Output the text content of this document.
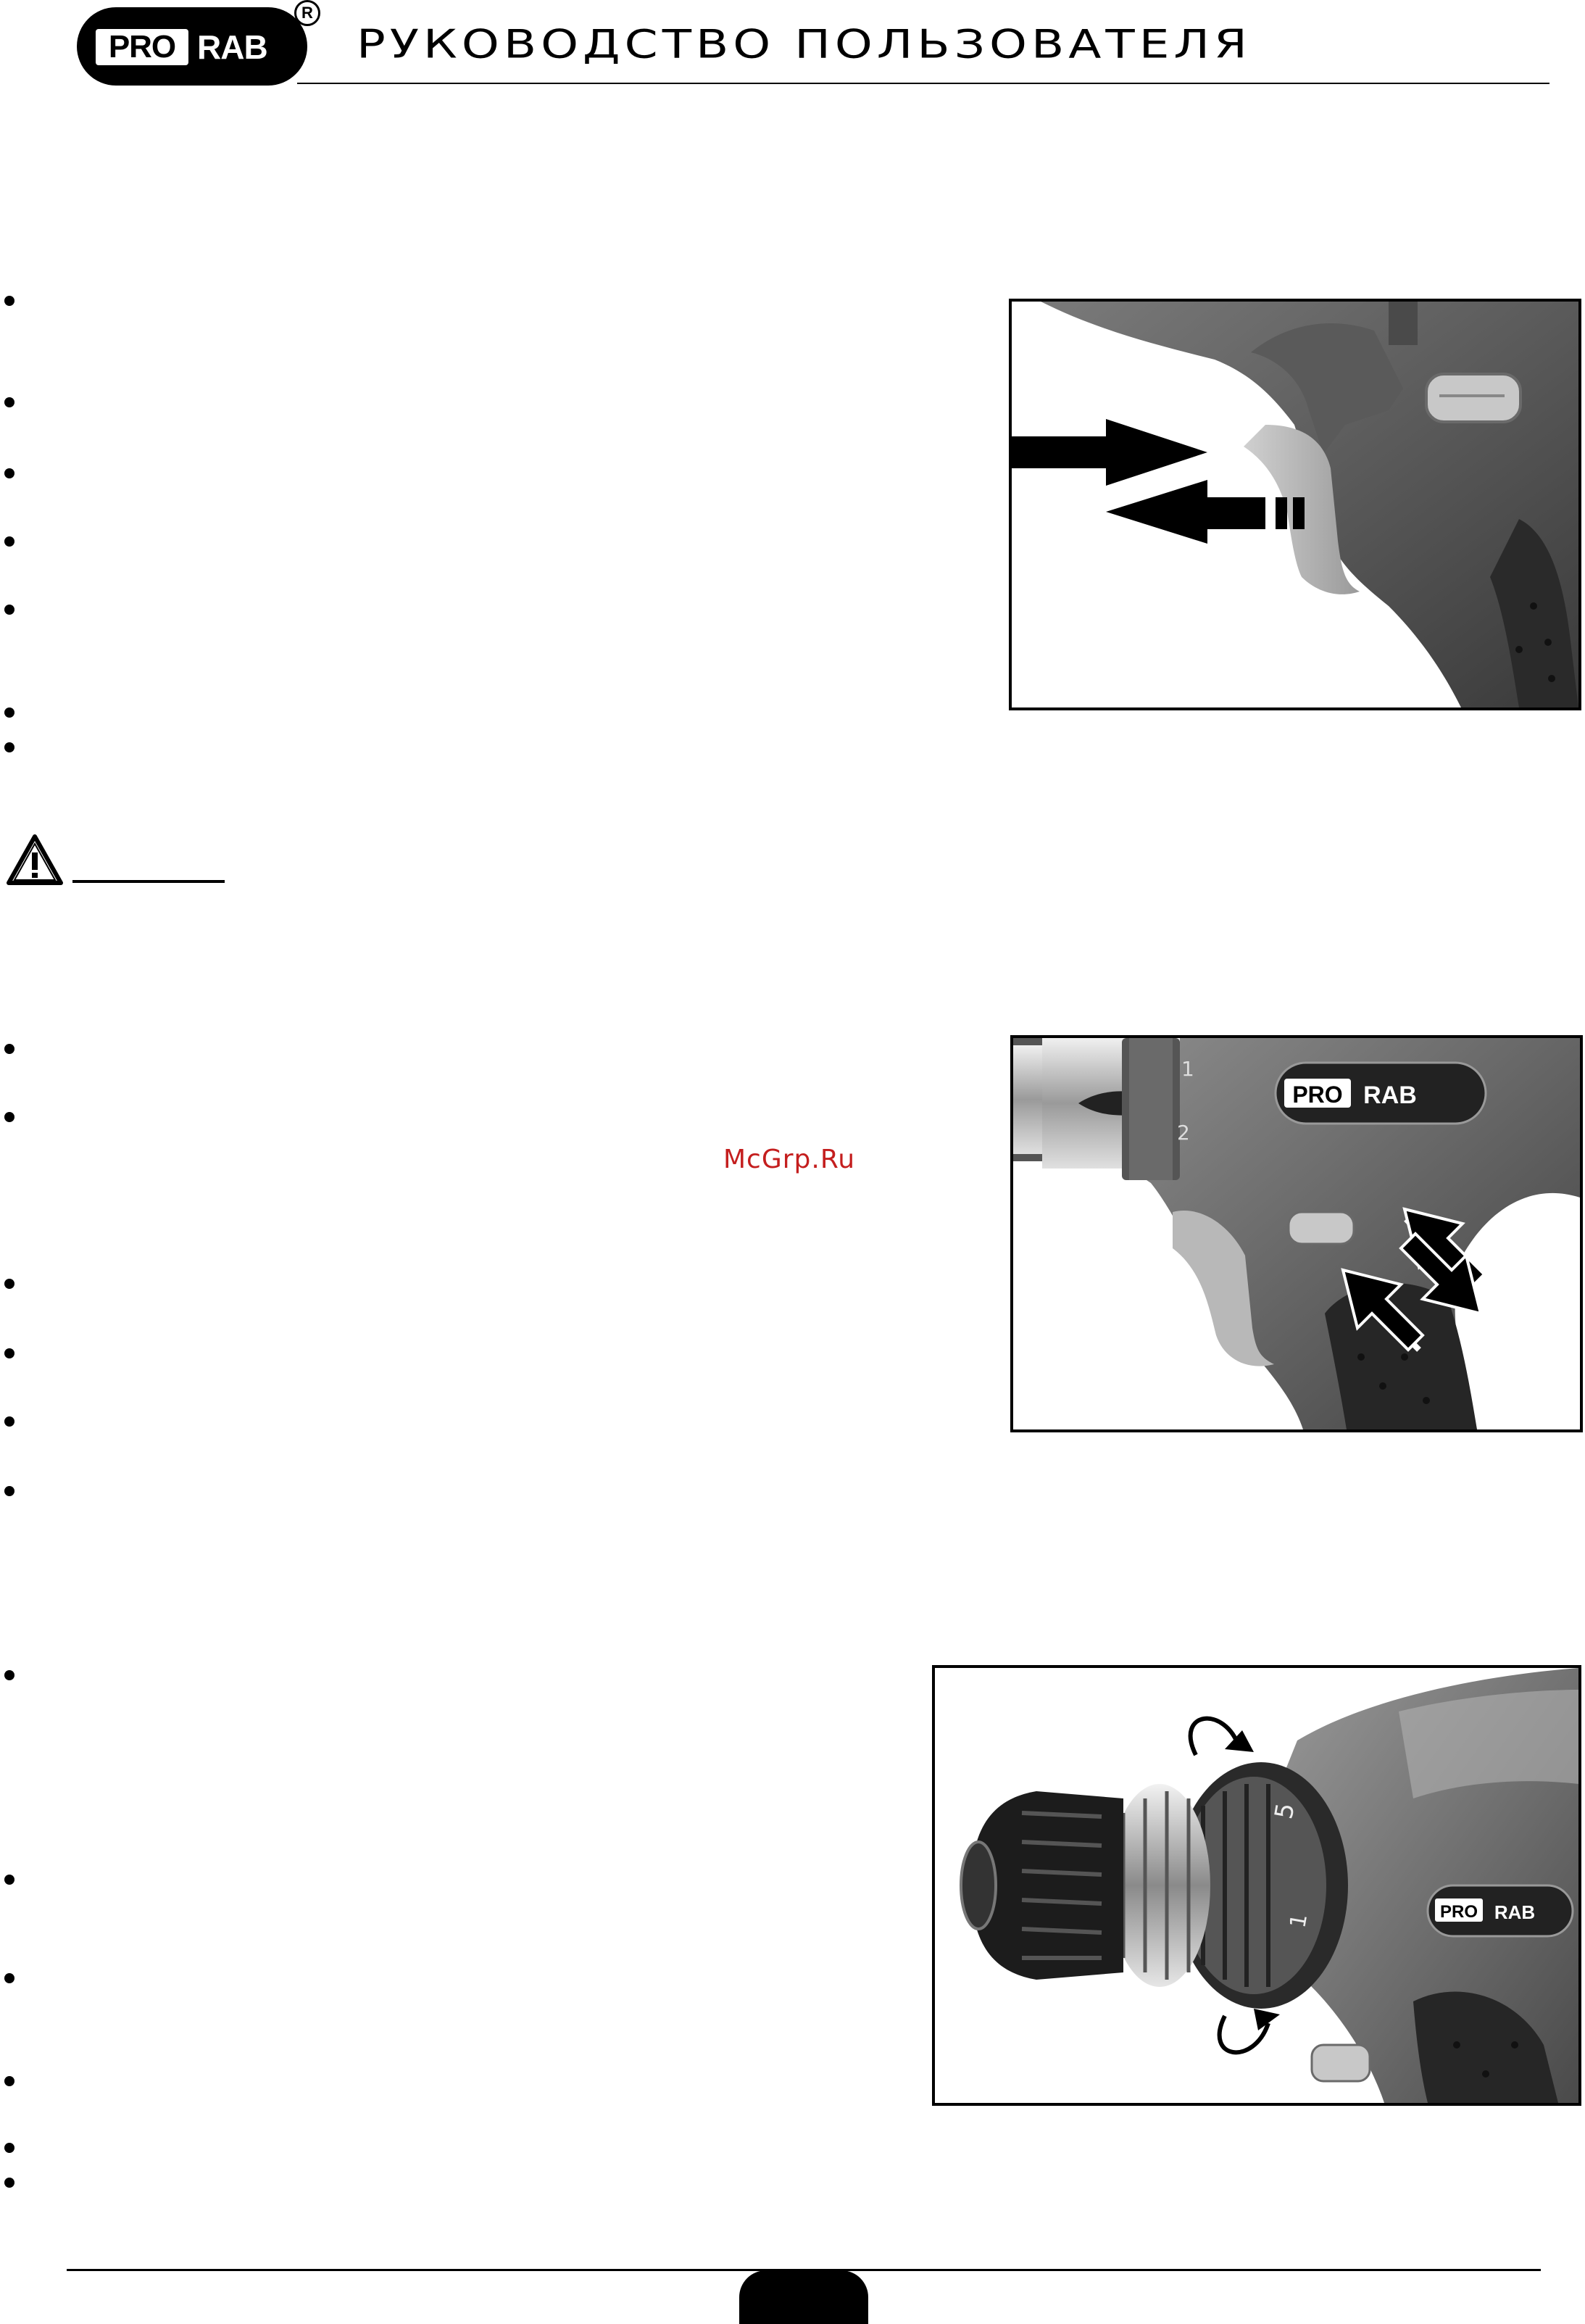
PRO RAB
R
РУКОВОДСТВО ПОЛЬЗОВАТЕЛЯ
McGrp.Ru
PRO RAB
1
2
PRO RAB
5
1
